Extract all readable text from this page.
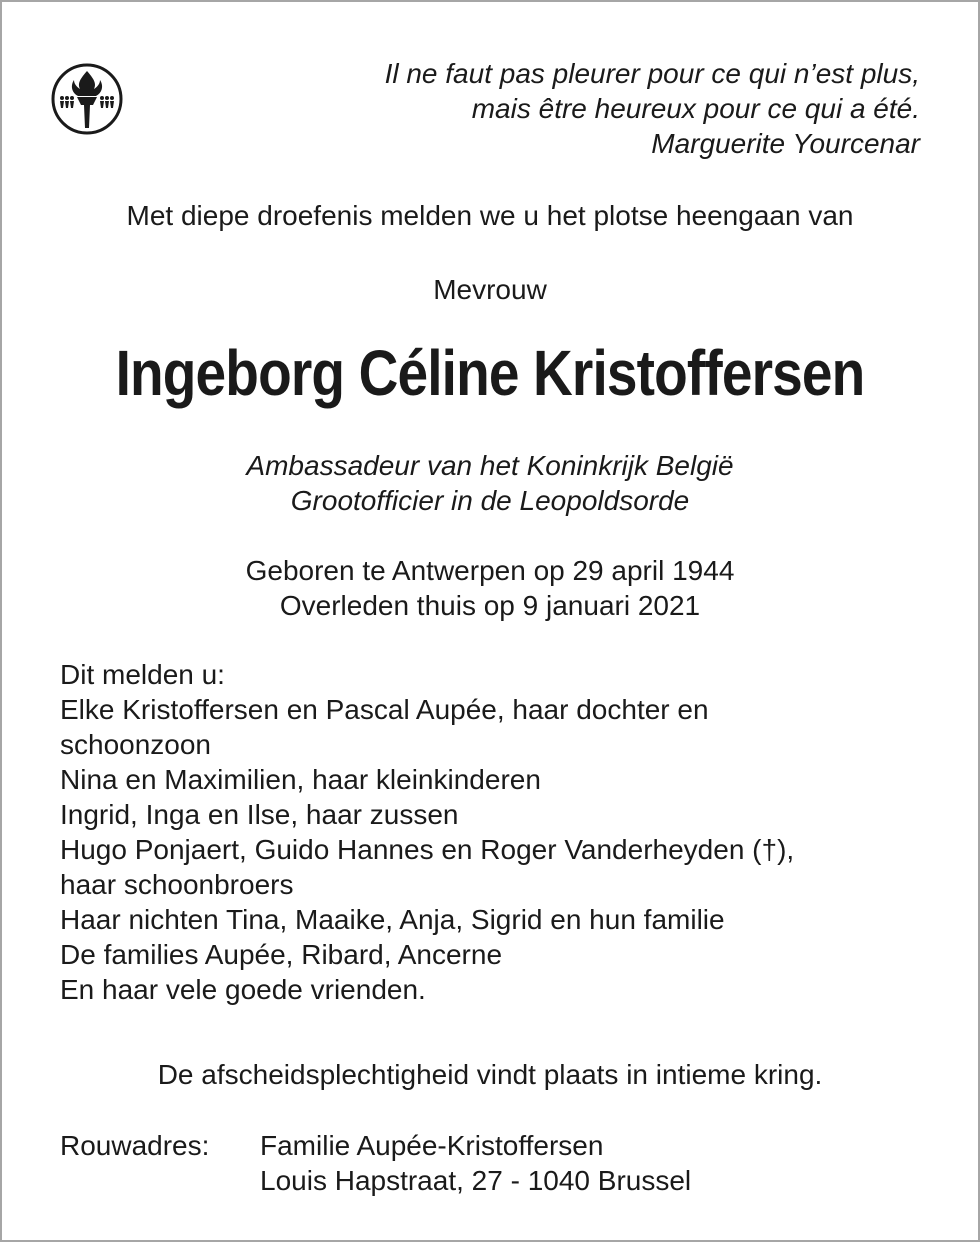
Il ne faut pas pleurer pour ce qui n’est plus,
mais être heureux pour ce qui a été.
Marguerite Yourcenar
Met diepe droefenis melden we u het plotse heengaan van
Mevrouw
Ingeborg Céline Kristoffersen
Ambassadeur van het Koninkrijk België
Grootofficier in de Leopoldsorde
Geboren te Antwerpen op 29 april 1944
Overleden thuis op 9 januari 2021
Dit melden u:
Elke Kristoffersen en Pascal Aupée, haar dochter en
schoonzoon
Nina en Maximilien, haar kleinkinderen
Ingrid, Inga en Ilse, haar zussen
Hugo Ponjaert, Guido Hannes en Roger Vanderheyden (†),
haar schoonbroers
Haar nichten Tina, Maaike, Anja, Sigrid en hun familie
De families Aupée, Ribard, Ancerne
En haar vele goede vrienden.
De afscheidsplechtigheid vindt plaats in intieme kring.
Rouwadres: Familie Aupée-Kristoffersen
Louis Hapstraat, 27 - 1040 Brussel
